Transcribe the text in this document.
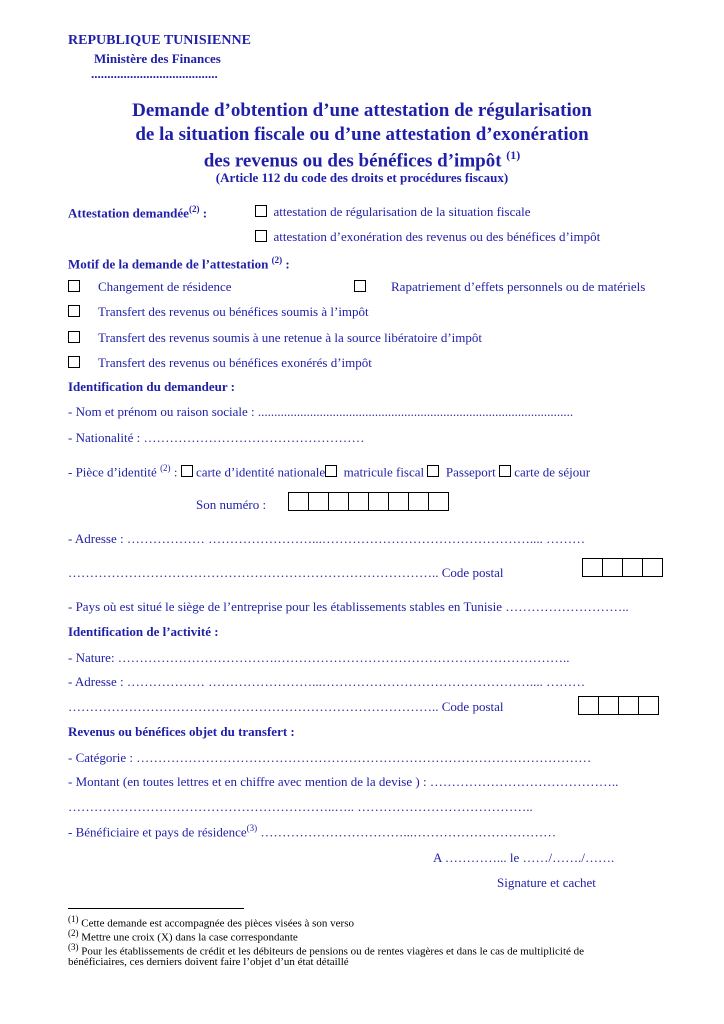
REPUBLIQUE TUNISIENNE
Ministère des Finances
.......................................
Demande d’obtention d’une attestation de régularisation
de la situation fiscale ou d’une attestation d’exonération
des revenus ou des bénéfices d’impôt $^{(1)}$
(Article 112 du code des droits et procédures fiscaux)
Attestation demandée$^{(2)}$ :	attestation de régularisation de la situation fiscale
attestation d’exonération des revenus ou des bénéfices d’impôt
Motif de la demande de l’attestation $^{(2)}$ :
Changement de résidence	Rapatriement d’effets personnels ou de matériels
Transfert des revenus ou bénéfices soumis à l’impôt
Transfert des revenus soumis à une retenue à la source libératoire d’impôt
Transfert des revenus ou bénéfices exonérés d’impôt
Identification du demandeur :
- Nom et prénom ou raison sociale : .................................................................................................
- Nationalité : ……………………………………………
- Pièce d’identité $^{(2)}$ : carte d’identité nationale matricule fiscal Passeport carte de séjour
Son numéro :
- Adresse : ……………… ……………………...………………………………………….... ………
………………………………………………………………………….. Code postal
- Pays où est situé le siège de l’entreprise pour les établissements stables en Tunisie ………………………..
Identification de l’activité :
- Nature: ……………………………….…………………………………………………………..
- Adresse : ……………… ……………………...………………………………………….... ………
………………………………………………………………………….. Code postal
Revenus ou bénéfices objet du transfert :
- Catégorie : ……………………………………………………………………………………………
- Montant (en toutes lettres et en chiffre avec mention de la devise ) : ……………………………………..
……………………………………………………..….. …………………………………..
- Bénéficiaire et pays de résidence$^{(3)}$ ……………………………...……………………………
A …………... le ……/……./…….
Signature et cachet
$^{(1)}$ Cette demande est accompagnée des pièces visées à son verso
$^{(2)}$ Mettre une croix (X) dans la case correspondante
$^{(3)}$ Pour les établissements de crédit et les débiteurs de pensions ou de rentes viagères et dans le cas de multiplicité de
bénéficiaires, ces derniers doivent faire l’objet d’un état détaillé
